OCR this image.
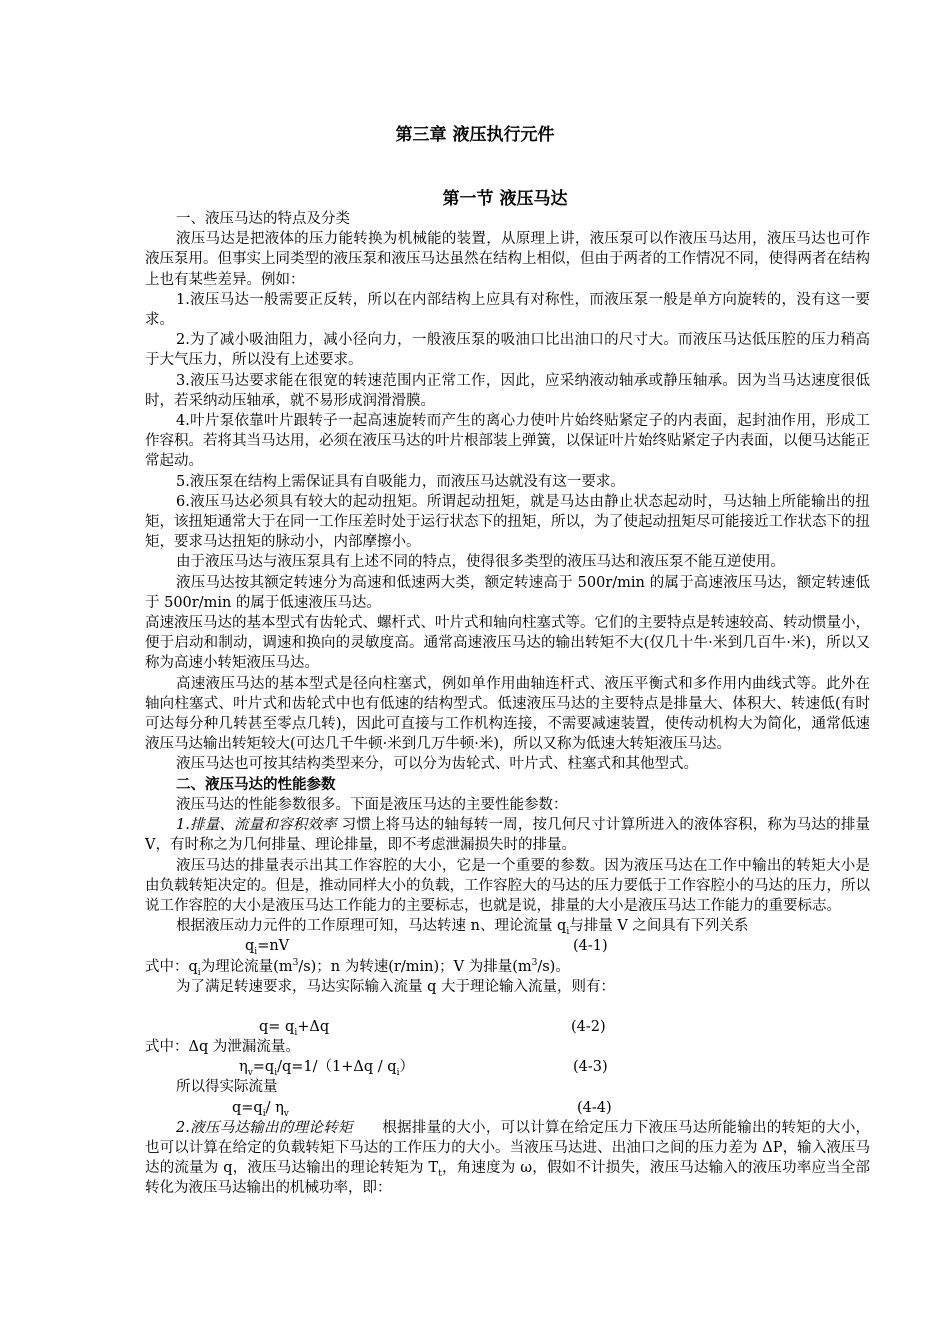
第三章 液压执行元件
第一节 液压马达

一、液压马达的特点及分类

液压马达是把液体的压力能转换为机械能的装置，从原理上讲，液压泵可以作液压马达用，液压马达也可作液压泵用。但事实上同类型的液压泵和液压马达虽然在结构上相似，但由于两者的工作情况不同，使得两者在结构上也有某些差异。例如：

1.液压马达一般需要正反转，所以在内部结构上应具有对称性，而液压泵一般是单方向旋转的，没有这一要求。

2.为了减小吸油阻力，减小径向力，一般液压泵的吸油口比出油口的尺寸大。而液压马达低压腔的压力稍高于大气压力，所以没有上述要求。

3.液压马达要求能在很宽的转速范围内正常工作，因此，应采纳液动轴承或静压轴承。因为当马达速度很低时，若采纳动压轴承，就不易形成润滑滑膜。

4.叶片泵依靠叶片跟转子一起高速旋转而产生的离心力使叶片始终贴紧定子的内表面，起封油作用，形成工作容积。若将其当马达用，必须在液压马达的叶片根部装上弹簧，以保证叶片始终贴紧定子内表面，以便马达能正常起动。

5.液压泵在结构上需保证具有自吸能力，而液压马达就没有这一要求。

6.液压马达必须具有较大的起动扭矩。所谓起动扭矩，就是马达由静止状态起动时，马达轴上所能输出的扭矩，该扭矩通常大于在同一工作压差时处于运行状态下的扭矩，所以，为了使起动扭矩尽可能接近工作状态下的扭矩，要求马达扭矩的脉动小，内部摩擦小。

由于液压马达与液压泵具有上述不同的特点，使得很多类型的液压马达和液压泵不能互逆使用。

液压马达按其额定转速分为高速和低速两大类，额定转速高于 500r/min 的属于高速液压马达，额定转速低于 500r/min 的属于低速液压马达。

高速液压马达的基本型式有齿轮式、螺杆式、叶片式和轴向柱塞式等。它们的主要特点是转速较高、转动惯量小，便于启动和制动，调速和换向的灵敏度高。通常高速液压马达的输出转矩不大(仅几十牛·米到几百牛·米)，所以又称为高速小转矩液压马达。

高速液压马达的基本型式是径向柱塞式，例如单作用曲轴连杆式、液压平衡式和多作用内曲线式等。此外在轴向柱塞式、叶片式和齿轮式中也有低速的结构型式。低速液压马达的主要特点是排量大、体积大、转速低(有时可达每分种几转甚至零点几转)，因此可直接与工作机构连接，不需要减速装置，使传动机构大为简化，通常低速液压马达输出转矩较大(可达几千牛顿·米到几万牛顿·米)，所以又称为低速大转矩液压马达。

液压马达也可按其结构类型来分，可以分为齿轮式、叶片式、柱塞式和其他型式。

二、液压马达的性能参数

液压马达的性能参数很多。下面是液压马达的主要性能参数：

1.排量、流量和容积效率 习惯上将马达的轴每转一周，按几何尺寸计算所进入的液体容积，称为马达的排量 V，有时称之为几何排量、理论排量，即不考虑泄漏损失时的排量。

液压马达的排量表示出其工作容腔的大小，它是一个重要的参数。因为液压马达在工作中输出的转矩大小是由负载转矩决定的。但是，推动同样大小的负载，工作容腔大的马达的压力要低于工作容腔小的马达的压力，所以说工作容腔的大小是液压马达工作能力的主要标志，也就是说，排量的大小是液压马达工作能力的重要标志。

根据液压动力元件的工作原理可知，马达转速 n、理论流量 $q_i$与排量 V 之间具有下列关系

$q_i=nV$	(4-1)

式中：$q_i$为理论流量$(m^3/s)$；n 为转速(r/min)；V 为排量$(m^3/s)$。

为了满足转速要求，马达实际输入流量 q 大于理论输入流量，则有：

$q= q_i+\Delta q$	(4-2)

式中：Δq 为泄漏流量。

$\eta_v=q_i/q=1/(1+\Delta q / q_i)$	(4-3)

所以得实际流量

$q=q_i/$ $\eta_v$	(4-4)

2.液压马达输出的理论转矩　　根据排量的大小，可以计算在给定压力下液压马达所能输出的转矩的大小，也可以计算在给定的负载转矩下马达的工作压力的大小。当液压马达进、出油口之间的压力差为 ΔP，输入液压马达的流量为 q，液压马达输出的理论转矩为 $T_t$，角速度为 ω，假如不计损失，液压马达输入的液压功率应当全部转化为液压马达输出的机械功率，即：
